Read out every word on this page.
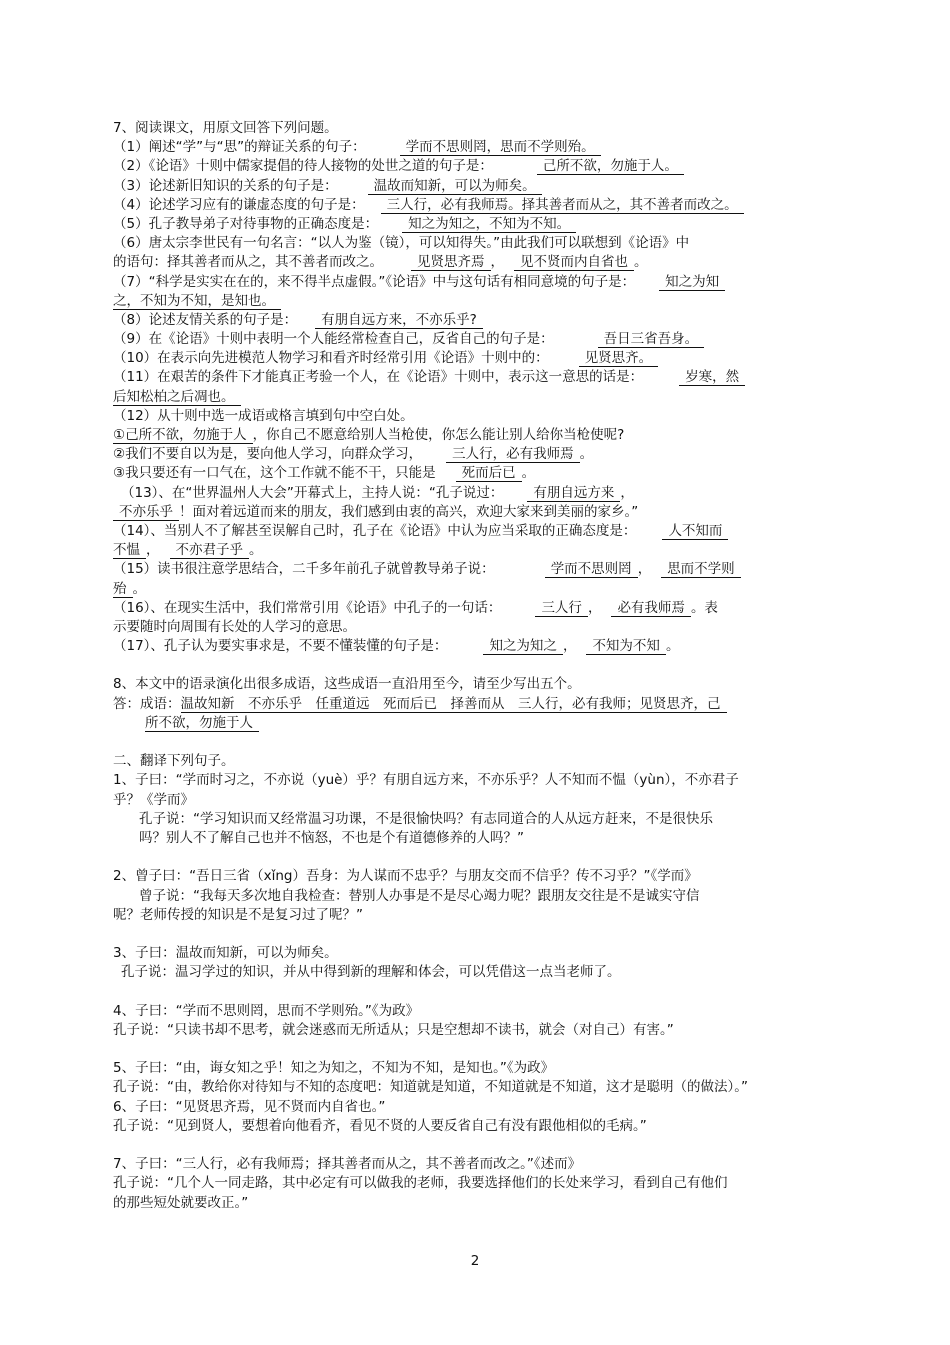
7、阅读课文，用原文回答下列问题。
（1）阐述“学”与“思”的辩证关系的句子：	学而不思则罔，思而不学则殆。
（2）《论语》十则中儒家提倡的待人接物的处世之道的句子是：	己所不欲，勿施于人。
（3）论述新旧知识的关系的句子是：	温故而知新，可以为师矣。
（4）论述学习应有的谦虚态度的句子是： 三人行，必有我师焉。择其善者而从之，其不善者而改之。
（5）孔子教导弟子对待事物的正确态度是： 知之为知之，不知为不知。
（6）唐太宗李世民有一句名言：“以人为鉴（镜），可以知得失。”由此我们可以联想到《论语》中
的语句：择其善者而从之，其不善者而改之。	见贤思齐焉 ， 见不贤而内自省也 。
（7）“科学是实实在在的，来不得半点虚假。”《论语》中与这句话有相同意境的句子是： 知之为知
之，不知为不知，是知也。
（8）论述友情关系的句子是： 有朋自远方来，不亦乐乎?
（9）在《论语》十则中表明一个人能经常检查自己，反省自己的句子是：	吾日三省吾身。
（10）在表示向先进模范人物学习和看齐时经常引用《论语》十则中的：	见贤思齐。
（11）在艰苦的条件下才能真正考验一个人，在《论语》十则中，表示这一意思的话是：	岁寒，然
后知松柏之后凋也。
（12）从十则中选一成语或格言填到句中空白处。
①己所不欲，勿施于人 ，你自己不愿意给别人当枪使，你怎么能让别人给你当枪使呢?
②我们不要自以为是，要向他人学习，向群众学习， 三人行，必有我师焉 。
③我只要还有一口气在，这个工作就不能不干，只能是 死而后已 。
（13）、在“世界温州人大会”开幕式上，主持人说：“孔子说过： 有朋自远方来 ，
不亦乐乎 ！面对着远道而来的朋友，我们感到由衷的高兴，欢迎大家来到美丽的家乡。”
（14）、当别人不了解甚至误解自己时，孔子在《论语》中认为应当采取的正确态度是： 人不知而
不愠 ， 不亦君子乎 。
（15）读书很注意学思结合，二千多年前孔子就曾教导弟子说：	学而不思则罔 ， 思而不学则
殆 。
（16）、在现实生活中，我们常常引用《论语》中孔子的一句话：	三人行 ， 必有我师焉 。表
示要随时向周围有长处的人学习的意思。
（17）、孔子认为要实事求是，不要不懂装懂的句子是：	知之为知之 ， 不知为不知 。
8、本文中的语录演化出很多成语，这些成语一直沿用至今，请至少写出五个。
答：成语：温故知新　不亦乐乎　任重道远　死而后已　择善而从　三人行，必有我师；见贤思齐，己
所不欲，勿施于人
二、翻译下列句子。
1、子曰：“学而时习之，不亦说（yuè）乎？有朋自远方来，不亦乐乎？人不知而不愠（yùn），不亦君子
乎？《学而》
孔子说：“学习知识而又经常温习功课，不是很愉快吗？有志同道合的人从远方赶来，不是很快乐
吗？别人不了解自己也并不恼怒，不也是个有道德修养的人吗？”
2、曾子曰：“吾日三省（xǐng）吾身：为人谋而不忠乎？与朋友交而不信乎？传不习乎？”《学而》
曾子说：“我每天多次地自我检查：替别人办事是不是尽心竭力呢？跟朋友交往是不是诚实守信
呢？老师传授的知识是不是复习过了呢？”
3、子曰：温故而知新，可以为师矣。
孔子说：温习学过的知识，并从中得到新的理解和体会，可以凭借这一点当老师了。
4、子曰：“学而不思则罔，思而不学则殆。”《为政》
孔子说：“只读书却不思考，就会迷惑而无所适从；只是空想却不读书，就会（对自己）有害。”
5、子曰：“由，诲女知之乎！知之为知之，不知为不知，是知也。”《为政》
孔子说：“由，教给你对待知与不知的态度吧：知道就是知道，不知道就是不知道，这才是聪明（的做法）。”
6、子曰：“见贤思齐焉，见不贤而内自省也。”
孔子说：“见到贤人，要想着向他看齐，看见不贤的人要反省自己有没有跟他相似的毛病。”
7、子曰：“三人行，必有我师焉；择其善者而从之，其不善者而改之。”《述而》
孔子说：“几个人一同走路，其中必定有可以做我的老师，我要选择他们的长处来学习，看到自己有他们
的那些短处就要改正。”
2
